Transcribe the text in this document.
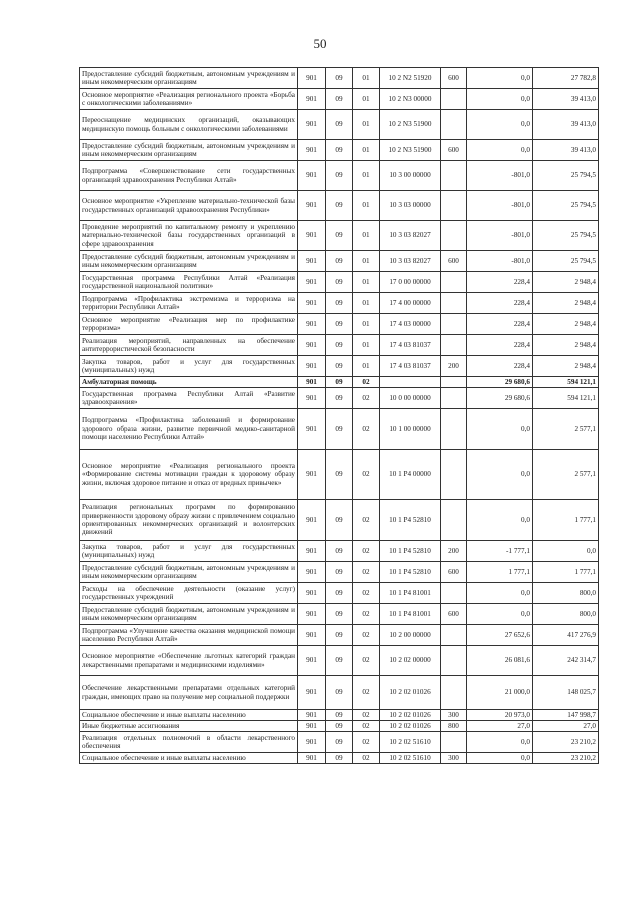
50
Предоставление субсидий бюджетным, автономным учреждениям и иным некоммерческим организациям	901	09	01	10 2 N2 51920	600	0,0	27 782,8
Основное мероприятие «Реализация регионального проекта «Борьба с онкологическими заболеваниями»	901	09	01	10 2 N3 00000		0,0	39 413,0
Переоснащение медицинских организаций, оказывающих медицинскую помощь больным с онкологическими заболеваниями	901	09	01	10 2 N3 51900		0,0	39 413,0
Предоставление субсидий бюджетным, автономным учреждениям и иным некоммерческим организациям	901	09	01	10 2 N3 51900	600	0,0	39 413,0
Подпрограмма «Совершенствование сети государственных организаций здравоохранения Республики Алтай»	901	09	01	10 3 00 00000		-801,0	25 794,5
Основное мероприятие «Укрепление материально-технической базы государственных организаций здравоохранения Республики»	901	09	01	10 3 03 00000		-801,0	25 794,5
Проведение мероприятий по капитальному ремонту и укреплению материально-технической базы государственных организаций в сфере здравоохранения	901	09	01	10 3 03 82027		-801,0	25 794,5
Предоставление субсидий бюджетным, автономным учреждениям и иным некоммерческим организациям	901	09	01	10 3 03 82027	600	-801,0	25 794,5
Государственная программа Республики Алтай «Реализация государственной национальной политики»	901	09	01	17 0 00 00000		228,4	2 948,4
Подпрограмма «Профилактика экстремизма и терроризма на территории Республики Алтай»	901	09	01	17 4 00 00000		228,4	2 948,4
Основное мероприятие «Реализация мер по профилактике терроризма»	901	09	01	17 4 03 00000		228,4	2 948,4
Реализация мероприятий, направленных на обеспечение антитеррористической безопасности	901	09	01	17 4 03 81037		228,4	2 948,4
Закупка товаров, работ и услуг для государственных (муниципальных) нужд	901	09	01	17 4 03 81037	200	228,4	2 948,4
Амбулаторная помощь	901	09	02			29 680,6	594 121,1
Государственная программа Республики Алтай «Развитие здравоохранения»	901	09	02	10 0 00 00000		29 680,6	594 121,1
Подпрограмма «Профилактика заболеваний и формирование здорового образа жизни, развитие первичной медико-санитарной помощи населению Республики Алтай»	901	09	02	10 1 00 00000		0,0	2 577,1
Основное мероприятие «Реализация регионального проекта «Формирование системы мотивации граждан к здоровому образу жизни, включая здоровое питание и отказ от вредных привычек»	901	09	02	10 1 P4 00000		0,0	2 577,1
Реализация региональных программ по формированию приверженности здоровому образу жизни с привлечением социально ориентированных некоммерческих организаций и волонтерских движений	901	09	02	10 1 P4 52810		0,0	1 777,1
Закупка товаров, работ и услуг для государственных (муниципальных) нужд	901	09	02	10 1 P4 52810	200	-1 777,1	0,0
Предоставление субсидий бюджетным, автономным учреждениям и иным некоммерческим организациям	901	09	02	10 1 P4 52810	600	1 777,1	1 777,1
Расходы на обеспечение деятельности (оказание услуг) государственных учреждений	901	09	02	10 1 P4 81001		0,0	800,0
Предоставление субсидий бюджетным, автономным учреждениям и иным некоммерческим организациям	901	09	02	10 1 P4 81001	600	0,0	800,0
Подпрограмма «Улучшение качества оказания медицинской помощи населению Республики Алтай»	901	09	02	10 2 00 00000		27 652,6	417 276,9
Основное мероприятие «Обеспечение льготных категорий граждан лекарственными препаратами и медицинскими изделиями»	901	09	02	10 2 02 00000		26 081,6	242 314,7
Обеспечение лекарственными препаратами отдельных категорий граждан, имеющих право на получение мер социальной поддержки	901	09	02	10 2 02 01026		21 000,0	148 025,7
Социальное обеспечение и иные выплаты населению	901	09	02	10 2 02 01026	300	20 973,0	147 998,7
Иные бюджетные ассигнования	901	09	02	10 2 02 01026	800	27,0	27,0
Реализация отдельных полномочий в области лекарственного обеспечения	901	09	02	10 2 02 51610		0,0	23 210,2
Социальное обеспечение и иные выплаты населению	901	09	02	10 2 02 51610	300	0,0	23 210,2
